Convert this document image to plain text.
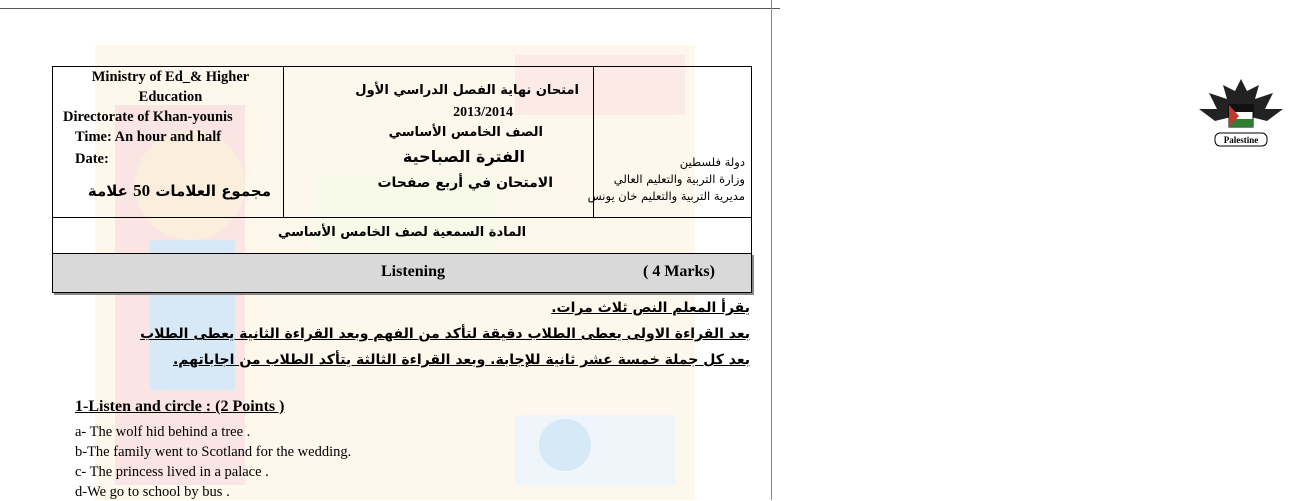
Ministry of Ed_& Higher
Education
Directorate of Khan-younis
Time: An hour and half
Date:
مجموع العلامات 50 علامة
امتحان نهاية الفصل الدراسي الأول
2013/2014
الصف الخامس الأساسي
الفترة الصباحية
الامتحان في أربع صفحات
Palestine
دولة فلسطين
وزارة التربية والتعليم العالي
مديرية التربية والتعليم خان يونس
المادة السمعية لصف الخامس الأساسي
Listening	( 4 Marks)
يقرأ المعلم النص ثلاث مرات.
بعد القراءة الاولى يعطى الطلاب دقيقة لتأكد من الفهم وبعد القراءة الثانية يعطى الطلاب
بعد كل جملة خمسة عشر ثانية للإجابة. وبعد القراءة الثالثة يتأكد الطلاب من اجاباتهم.
1-Listen and circle : (2 Points )
a- The wolf hid behind a tree .
b-The family went to Scotland for the wedding.
c- The princess lived in a palace .
d-We go to school by bus .
